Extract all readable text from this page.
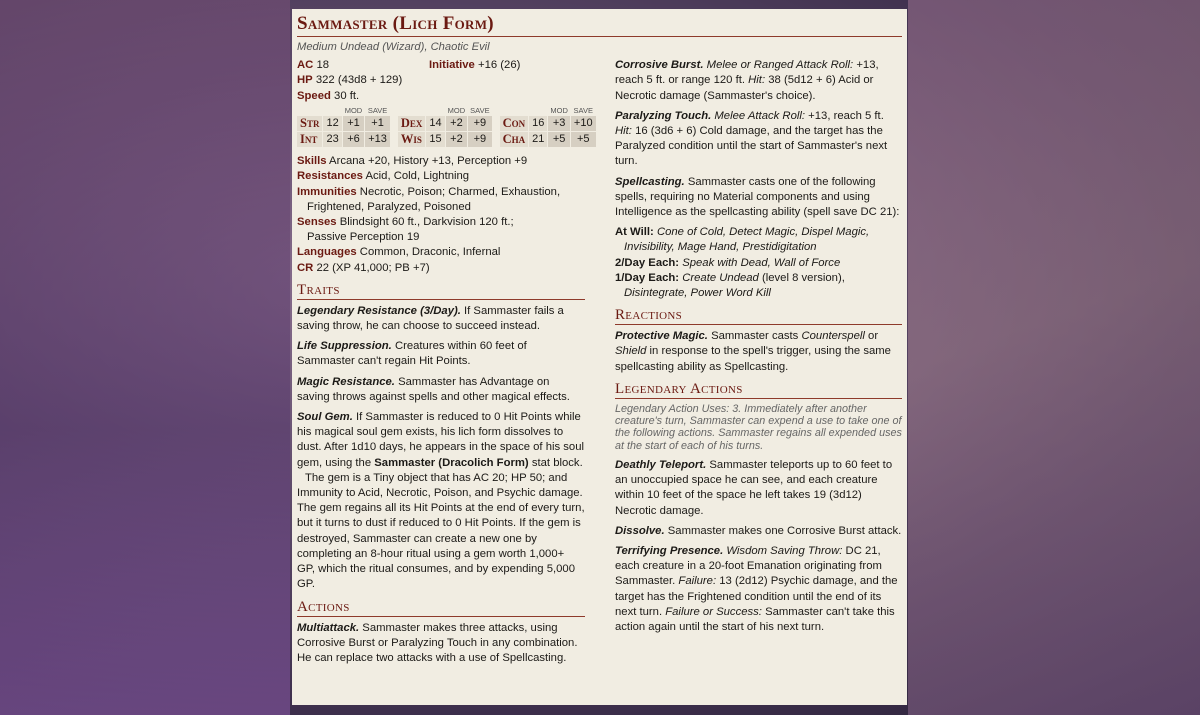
Sammaster (Lich Form)
Medium Undead (Wizard), Chaotic Evil
AC 18	Initiative +16 (26)
HP 322 (43d8 + 129)
Speed 30 ft.
		MOD	SAVE				MOD	SAVE				MOD	SAVE
Str	12	+1	+1		Dex	14	+2	+9		Con	16	+3	+10
Int	23	+6	+13		Wis	15	+2	+9		Cha	21	+5	+5

Skills Arcana +20, History +13, Perception +9

Resistances Acid, Cold, Lightning

Immunities Necrotic, Poison; Charmed, Exhaustion,

Frightened, Paralyzed, Poisoned

Senses Blindsight 60 ft., Darkvision 120 ft.;

Passive Perception 19

Languages Common, Draconic, Infernal

CR 22 (XP 41,000; PB +7)

Traits

Legendary Resistance (3/Day). If Sammaster fails a saving throw, he can choose to succeed instead.

Life Suppression. Creatures within 60 feet of Sammaster can't regain Hit Points.

Magic Resistance. Sammaster has Advantage on saving throws against spells and other magical effects.

Soul Gem. If Sammaster is reduced to 0 Hit Points while his magical soul gem exists, his lich form dissolves to dust. After 1d10 days, he appears in the space of his soul gem, using the Sammaster (Dracolich Form) stat block.

The gem is a Tiny object that has AC 20; HP 50; and Immunity to Acid, Necrotic, Poison, and Psychic damage. The gem regains all its Hit Points at the end of every turn, but it turns to dust if reduced to 0 Hit Points. If the gem is destroyed, Sammaster can create a new one by completing an 8-hour ritual using a gem worth 1,000+ GP, which the ritual consumes, and by expending 5,000 GP.

Actions

Multiattack. Sammaster makes three attacks, using Corrosive Burst or Paralyzing Touch in any combination. He can replace two attacks with a use of Spellcasting.

Corrosive Burst. Melee or Ranged Attack Roll: +13, reach 5 ft. or range 120 ft. Hit: 38 (5d12 + 6) Acid or Necrotic damage (Sammaster's choice).

Paralyzing Touch. Melee Attack Roll: +13, reach 5 ft. Hit: 16 (3d6 + 6) Cold damage, and the target has the Paralyzed condition until the start of Sammaster's next turn.

Spellcasting. Sammaster casts one of the following spells, requiring no Material components and using Intelligence as the spellcasting ability (spell save DC 21):

At Will: Cone of Cold, Detect Magic, Dispel Magic, Invisibility, Mage Hand, Prestidigitation

2/Day Each: Speak with Dead, Wall of Force

1/Day Each: Create Undead (level 8 version), Disintegrate, Power Word Kill

Reactions

Protective Magic. Sammaster casts Counterspell or Shield in response to the spell's trigger, using the same spellcasting ability as Spellcasting.

Legendary Actions

Legendary Action Uses: 3. Immediately after another creature's turn, Sammaster can expend a use to take one of the following actions. Sammaster regains all expended uses at the start of each of his turns.

Deathly Teleport. Sammaster teleports up to 60 feet to an unoccupied space he can see, and each creature within 10 feet of the space he left takes 19 (3d12) Necrotic damage.

Dissolve. Sammaster makes one Corrosive Burst attack.

Terrifying Presence. Wisdom Saving Throw: DC 21, each creature in a 20-foot Emanation originating from Sammaster. Failure: 13 (2d12) Psychic damage, and the target has the Frightened condition until the end of its next turn. Failure or Success: Sammaster can't take this action again until the start of his next turn.
